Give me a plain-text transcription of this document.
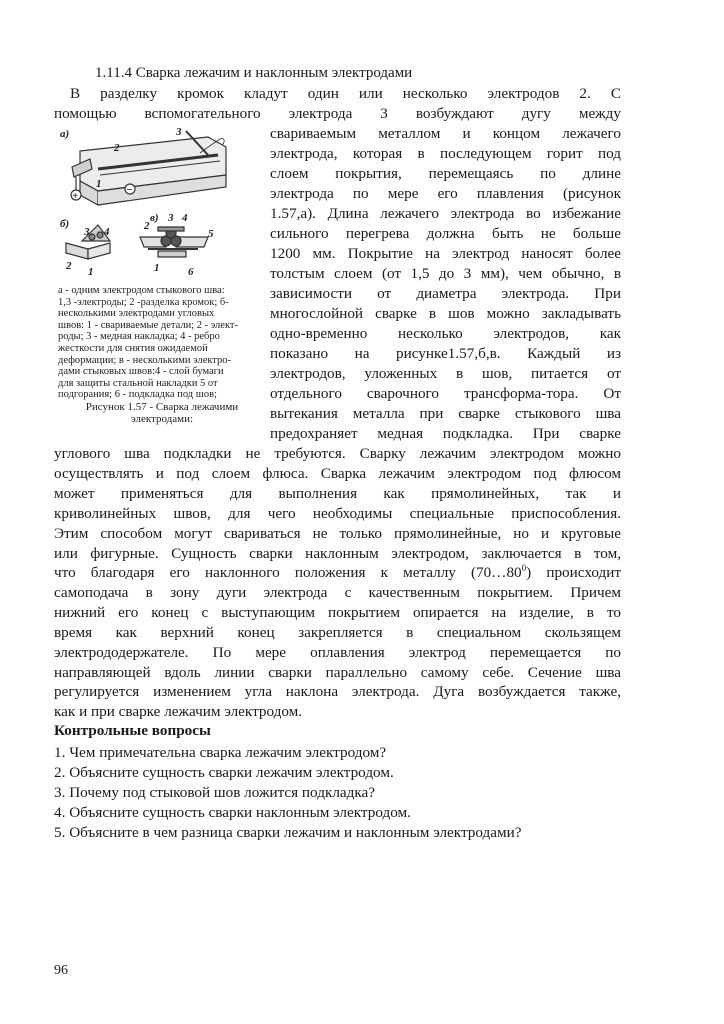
1.11.4 Сварка лежачим и наклонным электродами
В разделку кромок кладут один или несколько электродов 2. С
помощью вспомогательного электрода 3 возбуждают дугу между
свариваемым металлом и концом лежачего
электрода, которая в последующем горит под
слоем покрытия, перемещаясь по длине
электрода по мере его плавления (рисунок
1.57,а). Длина лежачего электрода во избежание
сильного перегрева должна быть не больше
1200 мм. Покрытие на электрод наносят более
толстым слоем (от 1,5 до 3 мм), чем обычно, в
зависимости от диаметра электрода. При
многослойной сварке в шов можно закладывать
одно-временно несколько электродов, как
показано на рисунке1.57,б,в. Каждый из
электродов, уложенных в шов, питается от
отдельного сварочного трансформа-тора. От
вытекания металла при сварке стыкового шва
предохраняет медная подкладка. При сварке
углового шва подкладки не требуются. Сварку лежачим электродом можно
осуществлять и под слоем флюса. Сварка лежачим электродом под флюсом
может применяться для выполнения как прямолинейных, так и
криволинейных швов, для чего необходимы специальные приспособления.
Этим способом могут свариваться не только прямолинейные, но и круговые
или фигурные. Сущность сварки наклонным электродом, заключается в том,
что благодаря его наклонного положения к металлу $(70\dots 80^0)$ происходит
самоподача в зону дуги электрода с качественным покрытием. Причем
нижний его конец с выступающим покрытием опирается на изделие, в то
время как верхний конец закрепляется в специальном скользящем
электрододержателе. По мере оплавления электрод перемещается по
направляющей вдоль линии сварки параллельно самому себе. Сечение шва
регулируется изменением угла наклона электрода. Дуга возбуждается также,
как и при сварке лежачим электродом.
а)
2
3
1
+	−
б)
3 4
1
2
в) 3 4
2
5
1	6
а - одним электродом стыкового шва:
1,3 -электроды; 2 -разделка кромок; б-
несколькими электродами угловых
швов: 1 - свариваемые детали; 2 - элект-
роды; 3 - медная накладка; 4 - ребро
жесткости для снятия ожидаемой
деформации; в - несколькими электро-
дами стыковых швов:4 - слой бумаги
для защиты стальной накладки 5 от
подгорания; 6 - подкладка под шов;
Рисунок 1.57 - Сварка лежачими
электродами:
Контрольные вопросы
1. Чем примечательна сварка лежачим электродом?
2. Объясните сущность сварки лежачим электродом.
3. Почему под стыковой шов ложится подкладка?
4. Объясните сущность сварки наклонным электродом.
5. Объясните в чем разница сварки лежачим и наклонным электродами?
96
